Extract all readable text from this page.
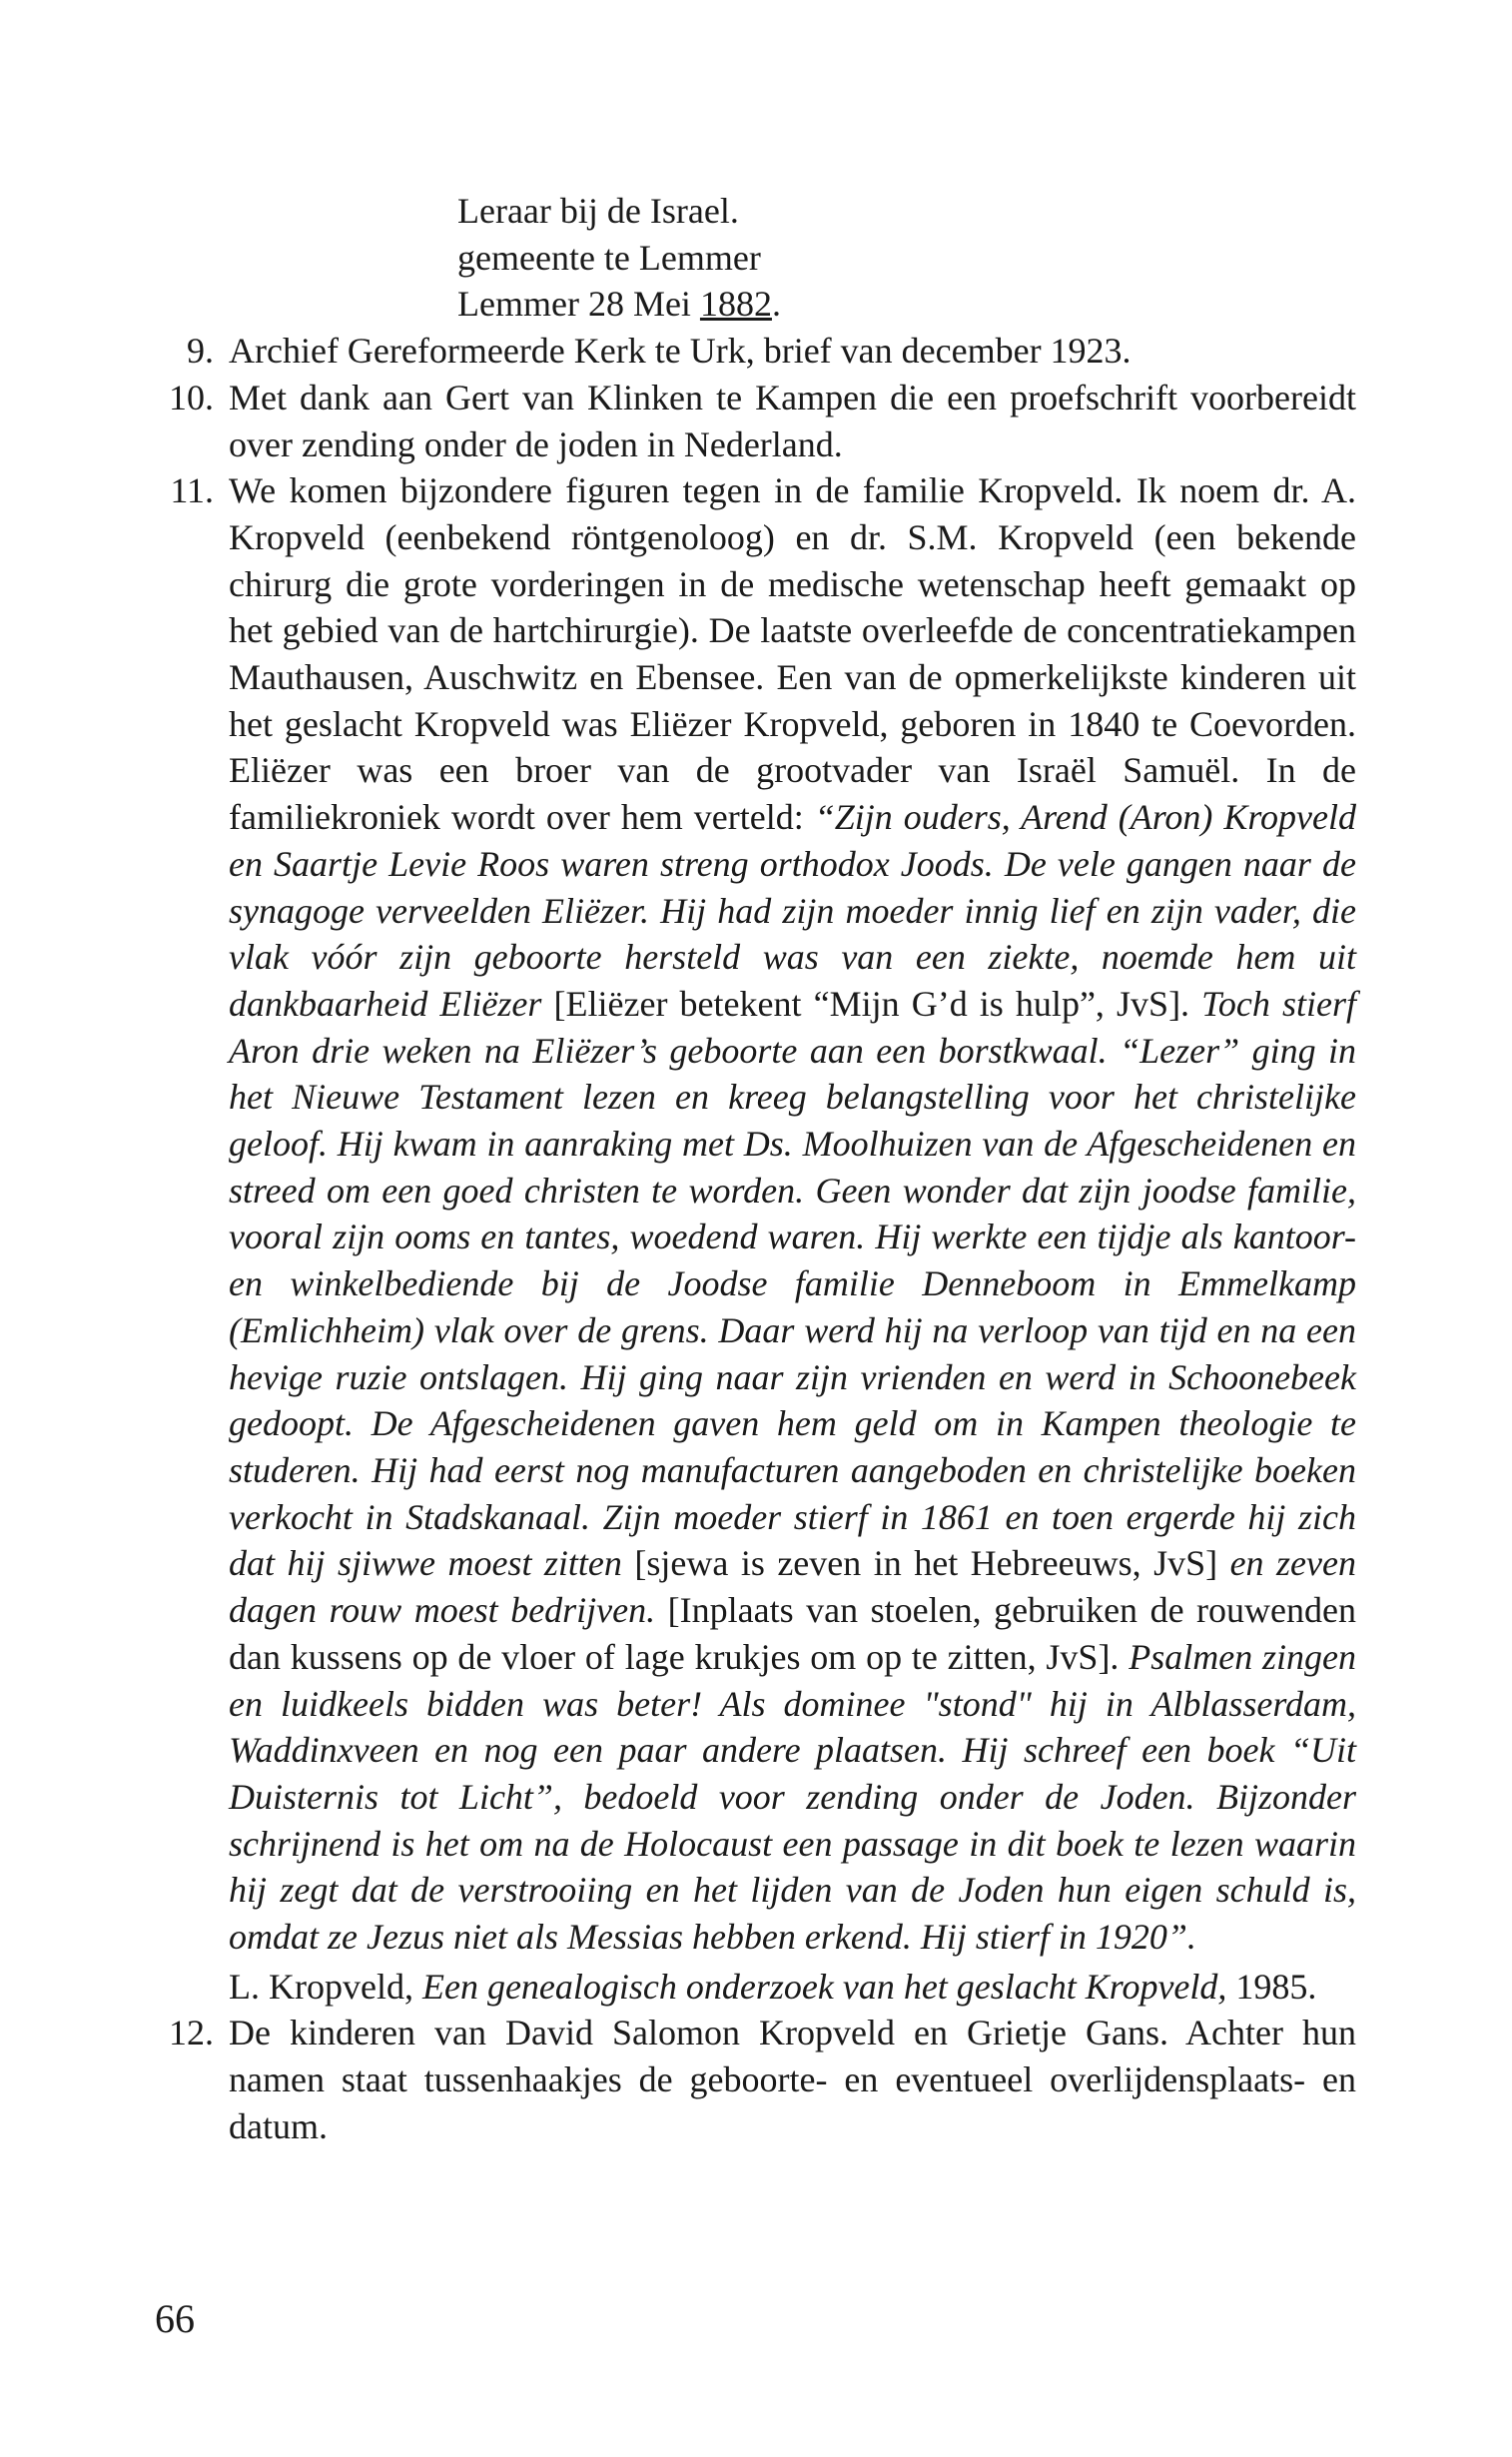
Leraar bij de Israel.
gemeente te Lemmer
Lemmer 28 Mei 1882.
9. Archief Gereformeerde Kerk te Urk, brief van december 1923.

10. Met dank aan Gert van Klinken te Kampen die een proefschrift voorbereidt over zending onder de joden in Nederland.

11. We komen bijzondere figuren tegen in de familie Kropveld. Ik noem dr. A. Kropveld (eenbekend röntgenoloog) en dr. S.M. Kropveld (een bekende chirurg die grote vorderingen in de medische wetenschap heeft gemaakt op het gebied van de hartchirurgie). De laatste overleefde de concentratiekampen Mauthausen, Auschwitz en Ebensee. Een van de opmerkelijkste kinderen uit het geslacht Kropveld was Eliëzer Kropveld, geboren in 1840 te Coevorden. Eliëzer was een broer van de grootvader van Israël Samuël. In de familiekroniek wordt over hem verteld: “Zijn ouders, Arend (Aron) Kropveld en Saartje Levie Roos waren streng orthodox Joods. De vele gangen naar de synagoge verveelden Eliëzer. Hij had zijn moeder innig lief en zijn vader, die vlak vóór zijn geboorte hersteld was van een ziekte, noemde hem uit dankbaarheid Eliëzer [Eliëzer betekent “Mijn G’d is hulp”, JvS]. Toch stierf Aron drie weken na Eliëzer’s geboorte aan een borstkwaal. “Lezer” ging in het Nieuwe Testament lezen en kreeg belangstelling voor het christelijke geloof. Hij kwam in aanraking met Ds. Moolhuizen van de Afgescheidenen en streed om een goed christen te worden. Geen wonder dat zijn joodse familie, vooral zijn ooms en tantes, woedend waren. Hij werkte een tijdje als kantoor- en winkelbediende bij de Joodse familie Denneboom in Emmelkamp (Emlichheim) vlak over de grens. Daar werd hij na verloop van tijd en na een hevige ruzie ontslagen. Hij ging naar zijn vrienden en werd in Schoonebeek gedoopt. De Afgescheidenen gaven hem geld om in Kampen theologie te studeren. Hij had eerst nog manufacturen aangeboden en christelijke boeken verkocht in Stadskanaal. Zijn moeder stierf in 1861 en toen ergerde hij zich dat hij sjiwwe moest zitten [sjewa is zeven in het Hebreeuws, JvS] en zeven dagen rouw moest bedrijven. [Inplaats van stoelen, gebruiken de rouwenden dan kussens op de vloer of lage krukjes om op te zitten, JvS]. Psalmen zingen en luidkeels bidden was beter! Als dominee "stond" hij in Alblasserdam, Waddinxveen en nog een paar andere plaatsen. Hij schreef een boek “Uit Duisternis tot Licht”, bedoeld voor zending onder de Joden. Bijzonder schrijnend is het om na de Holocaust een passage in dit boek te lezen waarin hij zegt dat de verstrooiing en het lijden van de Joden hun eigen schuld is, omdat ze Jezus niet als Messias hebben erkend. Hij stierf in 1920”.

L. Kropveld, Een genealogisch onderzoek van het geslacht Kropveld, 1985.

12. De kinderen van David Salomon Kropveld en Grietje Gans. Achter hun namen staat tussenhaakjes de geboorte- en eventueel overlijdensplaats- en datum.

66
